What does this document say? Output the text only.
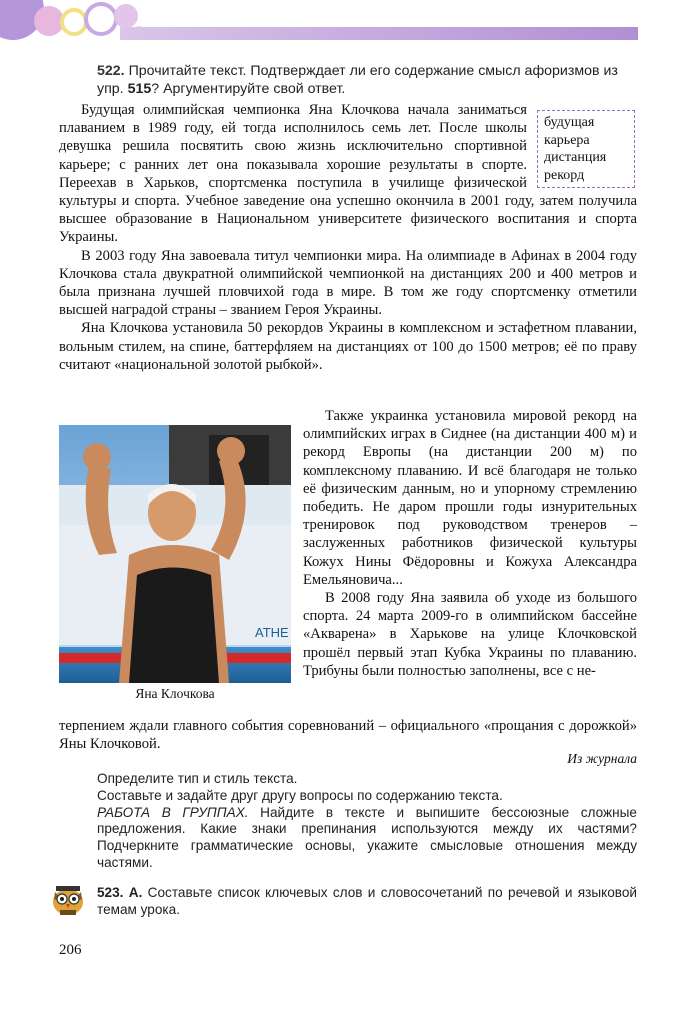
522. Прочитайте текст. Подтверждает ли его содержание смысл афоризмов из упр. 515? Аргументируйте свой ответ.
будущая
карьера
дистанция
рекорд
Будущая олимпийская чемпионка Яна Клочкова начала заниматься плаванием в 1989 году, ей тогда исполнилось семь лет. После школы девушка решила посвятить свою жизнь исключительно спортивной карьере; с ранних лет она показывала хорошие результаты в спорте. Переехав в Харьков, спортсменка поступила в училище физической культуры и спорта. Учебное заведение она успешно окончила в 2001 году, затем получила высшее образование в Национальном университете физического воспитания и спорта Украины.
В 2003 году Яна завоевала титул чемпионки мира. На олимпиаде в Афинах в 2004 году Клочкова стала двукратной олимпийской чемпионкой на дистанциях 200 и 400 метров и была признана лучшей пловчихой года в мире. В том же году спортсменку отметили высшей наградой страны – званием Героя Украины.
Яна Клочкова установила 50 рекордов Украины в комплексном и эстафетном плавании, вольным стилем, на спине, баттерфляем на дистанциях от 100 до 1500 метров; её по праву считают «национальной золотой рыбкой».
ATHE
Яна Клочкова
Также украинка установила мировой рекорд на олимпийских играх в Сиднее (на дистанции 400 м) и рекорд Европы (на дистанции 200 м) по комплексному плаванию. И всё благодаря не только её физическим данным, но и упорному стремлению победить. Не даром прошли годы изнурительных тренировок под руководством тренеров – заслуженных работников физической культуры Кожух Нины Фёдоровны и Кожуха Александра Емельяновича...
В 2008 году Яна заявила об уходе из большого спорта. 24 марта 2009-го в олимпийском бассейне «Акварена» в Харькове на улице Клочковской прошёл первый этап Кубка Украины по плаванию. Трибуны были полностью заполнены, все с не-
терпением ждали главного события соревнований – официального «прощания с дорожкой» Яны Клочковой.
Из журнала
Определите тип и стиль текста.
Составьте и задайте друг другу вопросы по содержанию текста.
РАБОТА В ГРУППАХ. Найдите в тексте и выпишите бессоюзные сложные предложения. Какие знаки препинания используются между их частями? Подчеркните грамматические основы, укажите смысловые отношения между частями.
523. А. Составьте список ключевых слов и словосочетаний по речевой и языковой темам урока.
206
